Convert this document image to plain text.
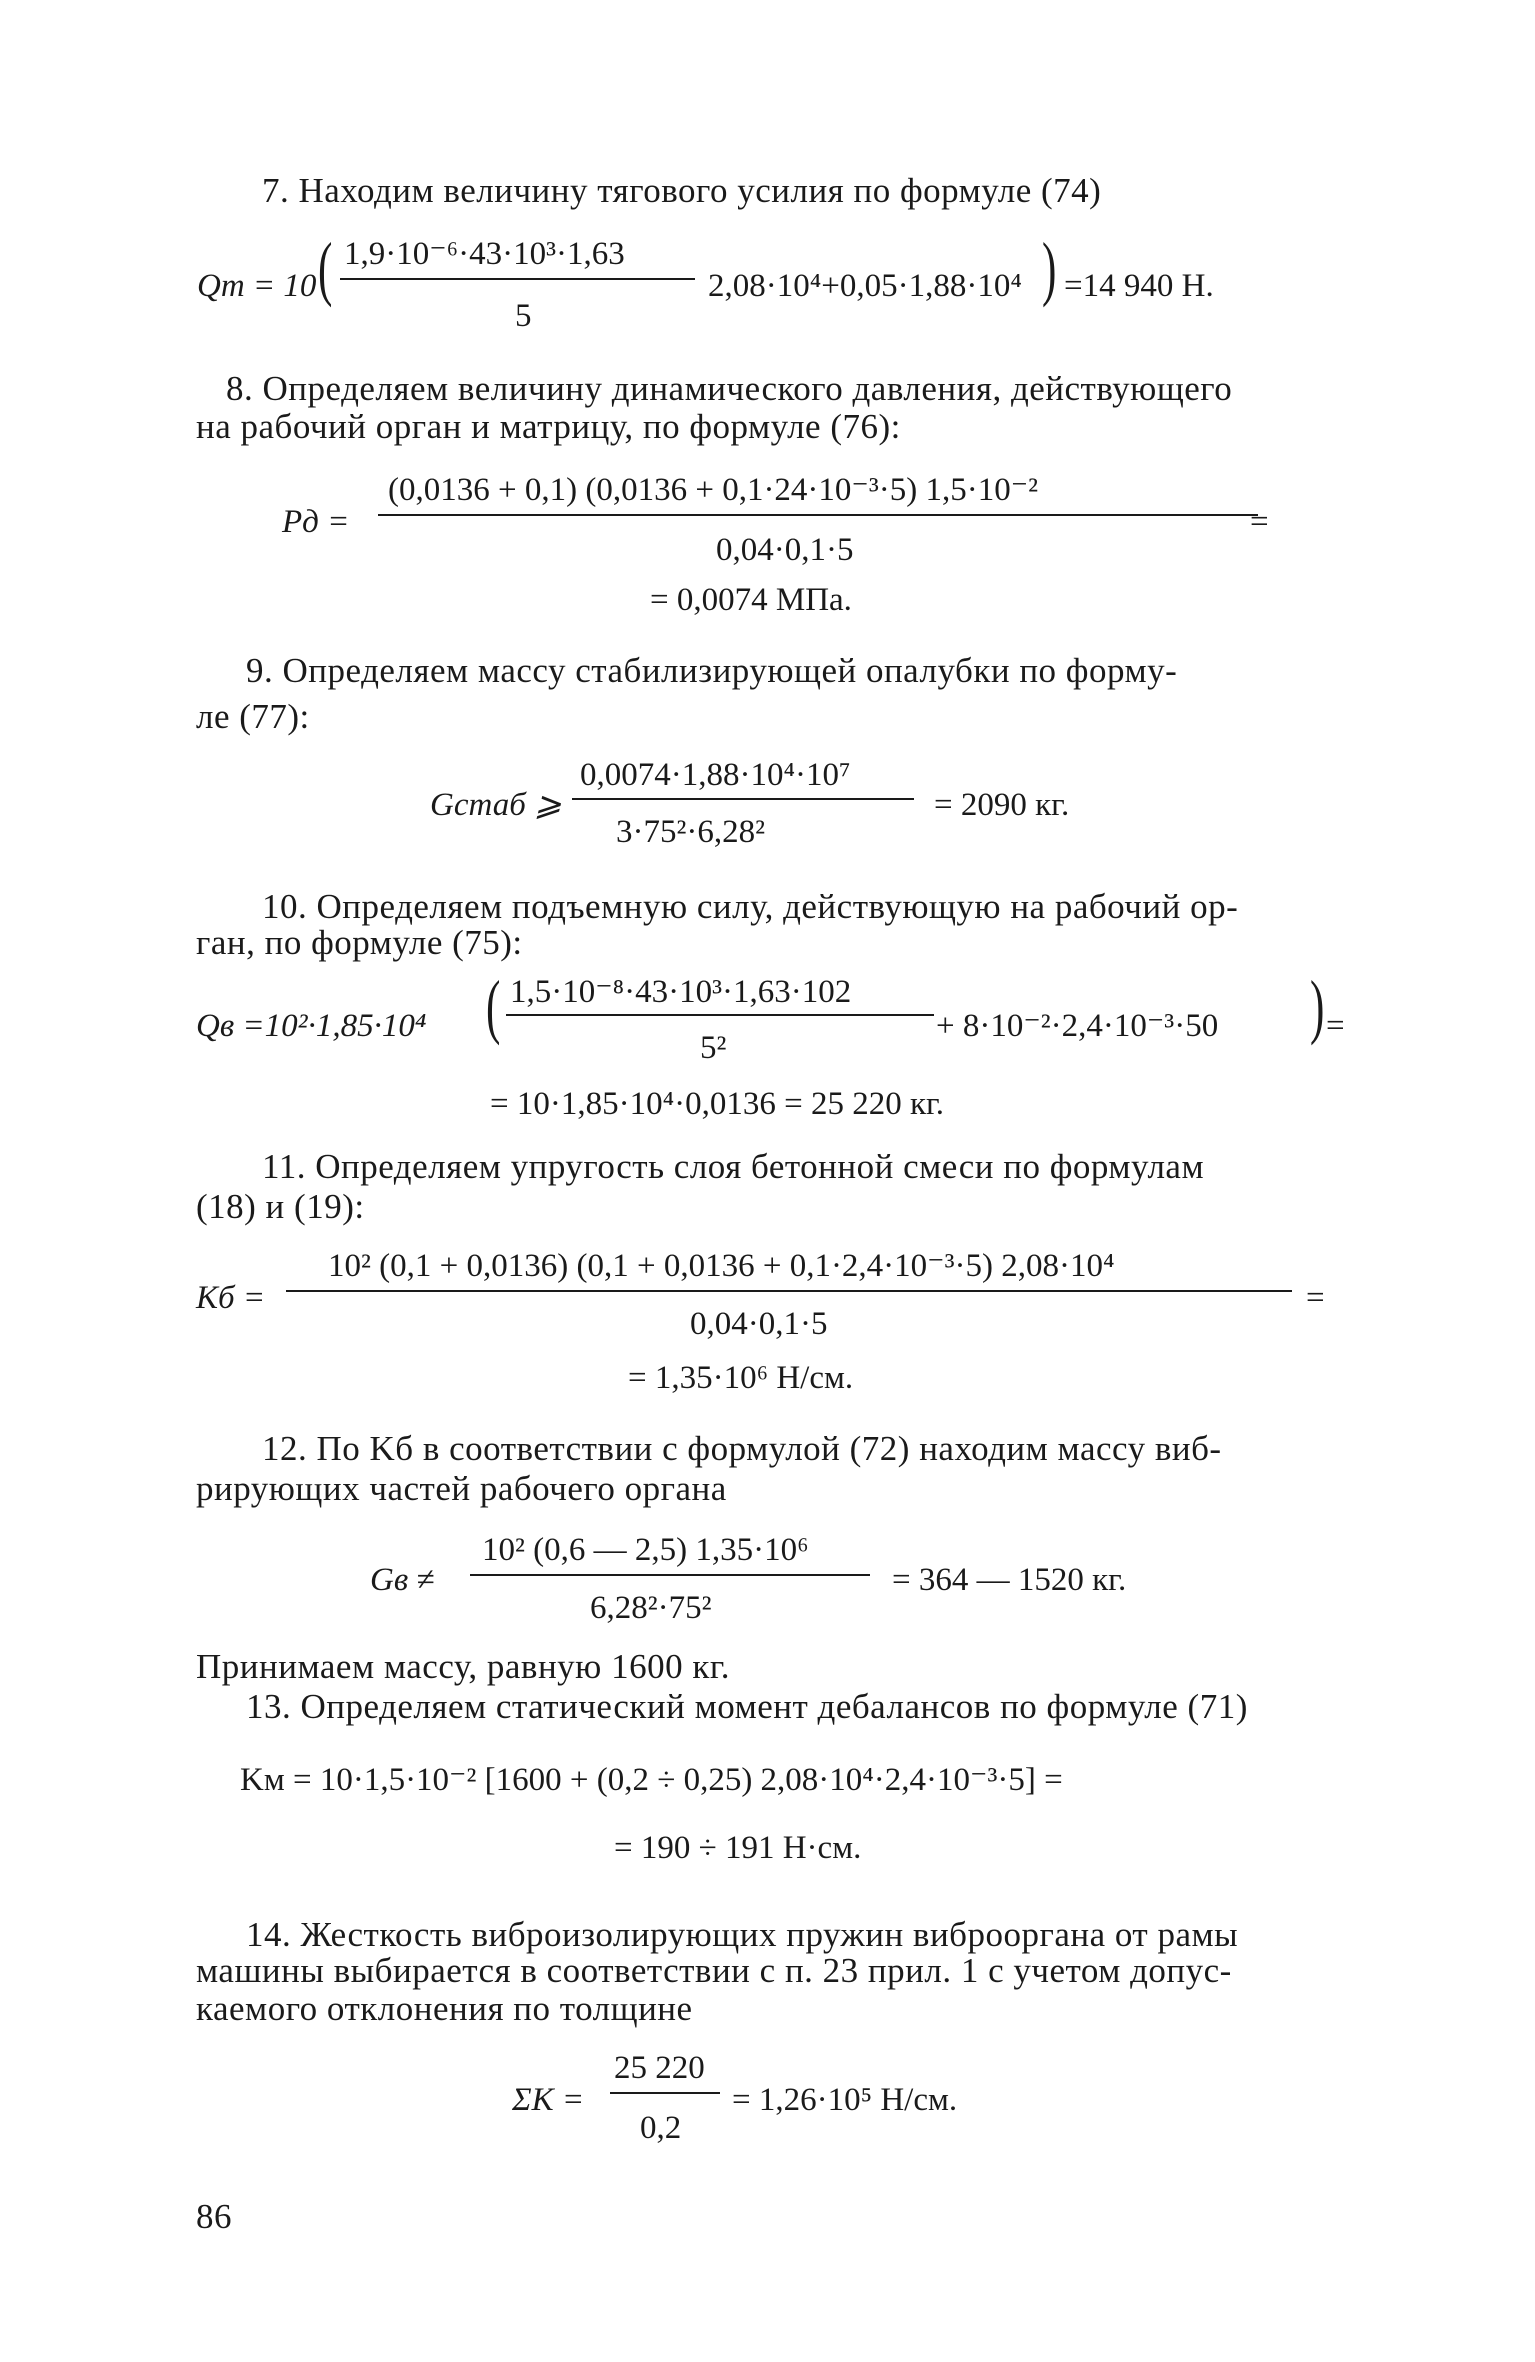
7. Находим величину тягового усилия по формуле (74)
Qт = 10 ( 1,9·10⁻⁶·43·10³·1,63
5
2,08·10⁴+0,05·1,88·10⁴ ) =14 940 Н.
8. Определяем величину динамического давления, действующего
на рабочий орган и матрицу, по формуле (76):
Pд =
(0,0136 + 0,1) (0,0136 + 0,1·24·10⁻³·5) 1,5·10⁻²
0,04·0,1·5
=
= 0,0074 МПа.
9. Определяем массу стабилизирующей опалубки по форму-
ле (77):
Gстаб ⩾
0,0074·1,88·10⁴·10⁷
3·75²·6,28²
= 2090 кг.
10. Определяем подъемную силу, действующую на рабочий ор-
ган, по формуле (75):
Qв =10²·1,85·10⁴ ( 1,5·10⁻⁸·43·10³·1,63·102
5²
+ 8·10⁻²·2,4·10⁻³·50 ) =
= 10·1,85·10⁴·0,0136 = 25 220 кг.
11. Определяем упругость слоя бетонной смеси по формулам
(18) и (19):
Kб =
10² (0,1 + 0,0136) (0,1 + 0,0136 + 0,1·2,4·10⁻³·5) 2,08·10⁴
0,04·0,1·5
=
= 1,35·10⁶ Н/см.
12. По Kб в соответствии с формулой (72) находим массу виб-
рирующих частей рабочего органа
Gв ≠
10² (0,6 — 2,5) 1,35·10⁶
6,28²·75²
= 364 — 1520 кг.
Принимаем массу, равную 1600 кг.
13. Определяем статический момент дебалансов по формуле (71)
Kм = 10·1,5·10⁻² [1600 + (0,2 ÷ 0,25) 2,08·10⁴·2,4·10⁻³·5] =
= 190 ÷ 191 Н·см.
14. Жесткость виброизолирующих пружин виброоргана от рамы
машины выбирается в соответствии с п. 23 прил. 1 с учетом допус-
каемого отклонения по толщине
ΣK =
25 220
0,2
= 1,26·10⁵ Н/см.
86
